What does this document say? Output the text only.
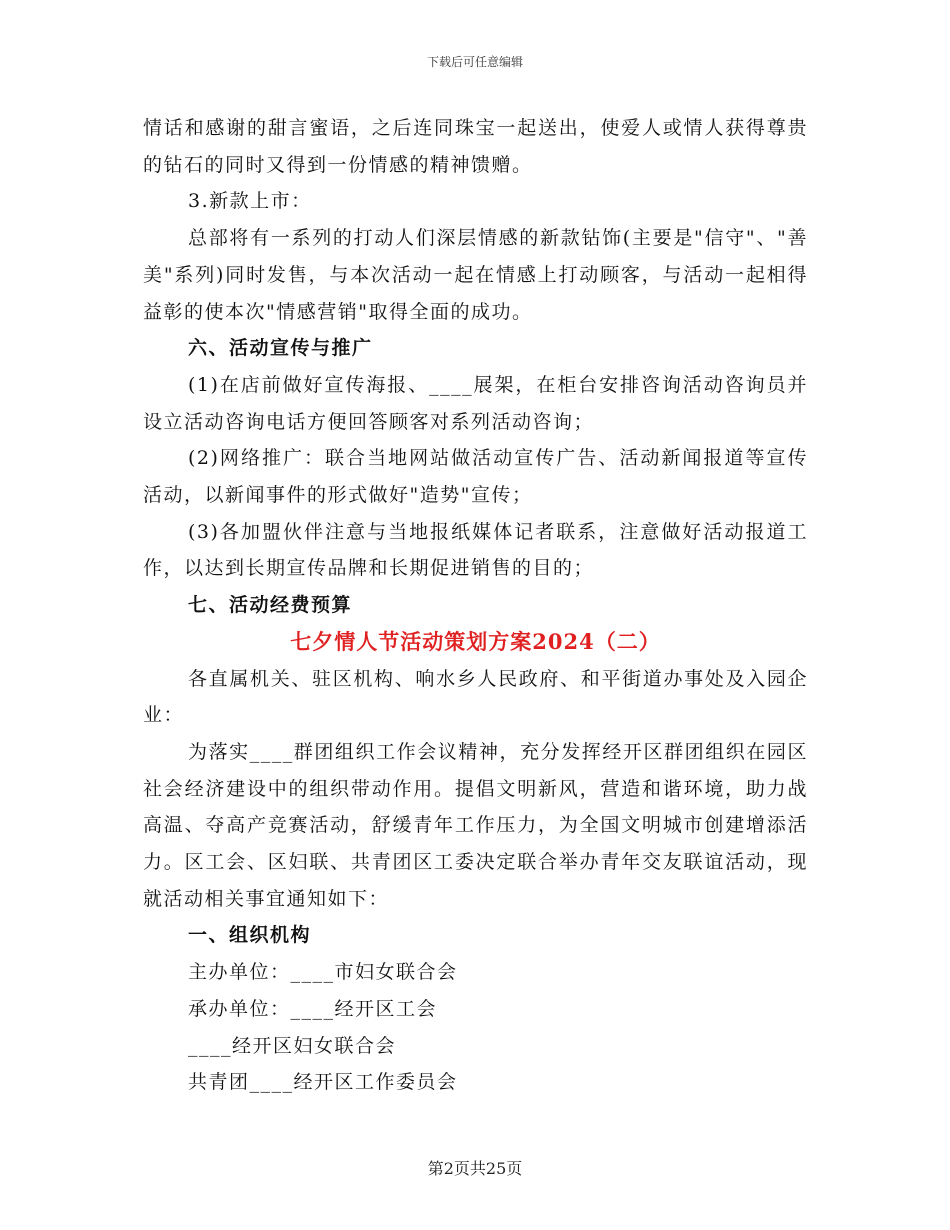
下载后可任意编辑

情话和感谢的甜言蜜语，之后连同珠宝一起送出，使爱人或情人获得尊贵的钻石的同时又得到一份情感的精神馈赠。

3.新款上市：

总部将有一系列的打动人们深层情感的新款钻饰(主要是"信守"、"善美"系列)同时发售，与本次活动一起在情感上打动顾客，与活动一起相得益彰的使本次"情感营销"取得全面的成功。

六、活动宣传与推广

(1)在店前做好宣传海报、____展架，在柜台安排咨询活动咨询员并设立活动咨询电话方便回答顾客对系列活动咨询；

(2)网络推广：联合当地网站做活动宣传广告、活动新闻报道等宣传活动，以新闻事件的形式做好"造势"宣传；

(3)各加盟伙伴注意与当地报纸媒体记者联系，注意做好活动报道工作，以达到长期宣传品牌和长期促进销售的目的；

七、活动经费预算

七夕情人节活动策划方案2024（二）

各直属机关、驻区机构、响水乡人民政府、和平街道办事处及入园企业：

为落实____群团组织工作会议精神，充分发挥经开区群团组织在园区社会经济建设中的组织带动作用。提倡文明新风，营造和谐环境，助力战高温、夺高产竞赛活动，舒缓青年工作压力，为全国文明城市创建增添活力。区工会、区妇联、共青团区工委决定联合举办青年交友联谊活动，现就活动相关事宜通知如下：

一、组织机构

主办单位：____市妇女联合会

承办单位：____经开区工会

____经开区妇女联合会

共青团____经开区工作委员会

第2页共25页
